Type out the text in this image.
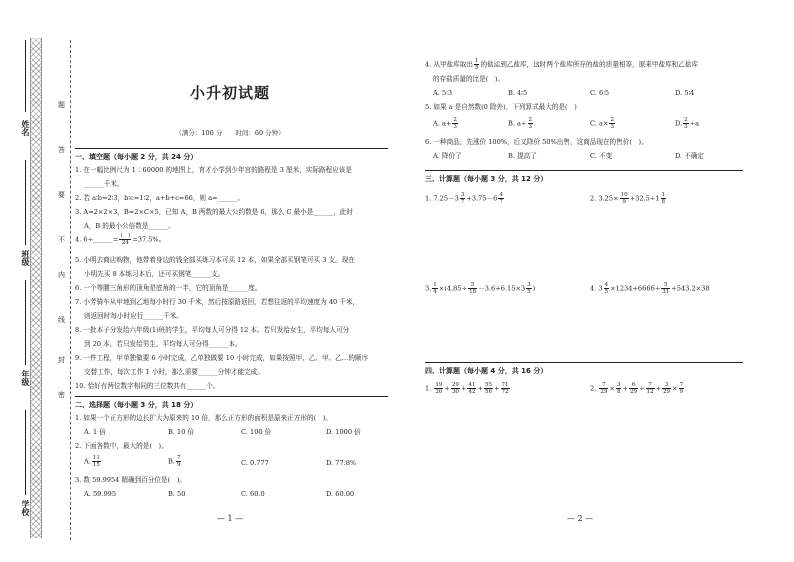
姓名
班级
年级
学校
题
答
要
不
内
线
封
密
小升初试题
（满分：100 分　　时间：60 分钟）
一、填空题（每小题 2 分，共 24 分）
1. 在一幅比例尺为 1∶60000 的地图上，育才小学到少年宫的路程是 3 厘米，实际路程应该是
______千米。
2. 若 a∶b=2∶3，b∶c=1∶2，a+b+c=66，则 a=______。
3. A=2×2×3，B=2×C×5，已知 A，B 两数的最大公约数是 6，那么 C 最小是______，此时
A，B 的最小公倍数是______。
4. 6÷______= $\frac{( )}{24} =37.5\%$。
5. 小明去商店购物，他带着身边的钱全部买练习本可买 12 本，如果全部买钢笔可买 3 支。现在
小明先买 8 本练习本后，还可买钢笔______支。
6. 一个等腰三角形的顶角是底角的一半，它的顶角是______度。
7. 小芳骑车从甲地到乙地每小时行 30 千米，然后按原路返回，若想往返的平均速度为 40 千米，
则返回时每小时应行______千米。
8. 一批本子分发给六年级(1)班的学生，平均每人可分得 12 本。若只发给女生，平均每人可分
到 20 本，若只发给男生，平均每人可分得______本。
9. 一件工程，甲单独做要 6 小时完成，乙单独做要 10 小时完成，如果按照甲、乙、甲、乙…的顺序
交替工作，每次工作 1 小时，那么需要______分钟才能完成。
10. 恰好有两位数字相同的三位数共有______个。
二、选择题（每小题 3 分，共 18 分）
1. 如果一个正方形的边长扩大为原来的 10 倍，那么正方形的面积是原来正方形的(　)。
A. 1 倍	B. 10 倍	C. 100 倍	D. 1000 倍
2. 下面各数中，最大的是(　)。
A. $\frac{11}{15}$	B. $\frac{7}{9}$	C. 0.777	D. 77.8%
3. 数 59.9954 精确到百分位是(　)。
A. 59.995	B. 50	C. 60.0	D. 60.00
— 1 —
4. 从甲盐库取出 $\frac{1}{5}$ 的盐运到乙盐库，这时两个盐库所存的盐的质量相等，原来甲盐库和乙盐库
的存盐质量的比是(　)。
A. 5∶3	B. 4∶5	C. 6∶5	D. 5∶4
5. 如果 a 是自然数(0 除外)，下列算式最大的是(　)
A. $a+ \frac{2}{3}$	B. $a\div \frac{2}{3}$	C. $a\times \frac{2}{3}$	D. $\frac{2}{3} \div a$
6. 一种商品，先涨价 100%，后又降价 50%出售，这商品现在的售价(　)。
A. 降价了	B. 提高了	C. 不变	D. 不确定
三、计算题（每小题 3 分，共 12 分）
1. $7.25-3 \frac{3}{7} +3.75-6 \frac{4}{7}$	2. $3.25\times \frac{10}{9} +32.5\div 1 \frac{1}{8}$
3. $\frac{1}{4} \times(4.85\div \frac{5}{18} -3.6+6.15\times 3 \frac{3}{5}$ )	4. $3 \frac{4}{5} \times 1234+6666\div \frac{5}{31} +543.2\times 38$
四、计算题（每小题 4 分，共 16 分）
1. $\frac{19}{20} + \frac{29}{30} + \frac{41}{42} + \frac{55}{56} + \frac{71}{72}$	2. $\frac{7}{29} \times \frac{3}{8} + \frac{6}{29} \div \frac{7}{12} + \frac{3}{29} \times \frac{7}{9}$
— 2 —
